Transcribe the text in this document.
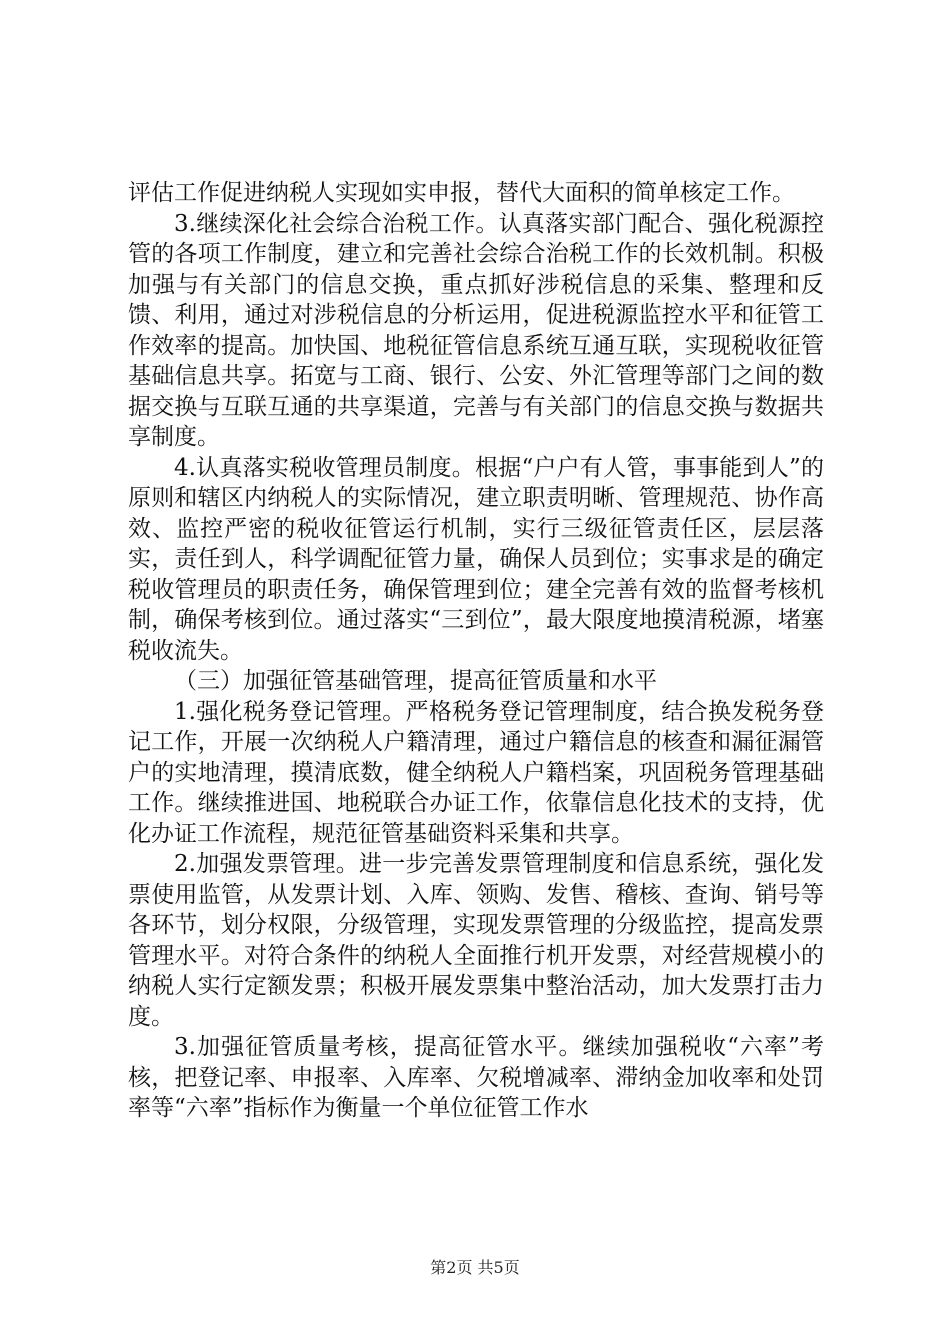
评估工作促进纳税人实现如实申报，替代大面积的简单核定工作。

3.继续深化社会综合治税工作。认真落实部门配合、强化税源控管的各项工作制度，建立和完善社会综合治税工作的长效机制。积极加强与有关部门的信息交换，重点抓好涉税信息的采集、整理和反馈、利用，通过对涉税信息的分析运用，促进税源监控水平和征管工作效率的提高。加快国、地税征管信息系统互通互联，实现税收征管基础信息共享。拓宽与工商、银行、公安、外汇管理等部门之间的数据交换与互联互通的共享渠道，完善与有关部门的信息交换与数据共享制度。

4.认真落实税收管理员制度。根据“户户有人管，事事能到人”的原则和辖区内纳税人的实际情况，建立职责明晰、管理规范、协作高效、监控严密的税收征管运行机制，实行三级征管责任区，层层落实，责任到人，科学调配征管力量，确保人员到位；实事求是的确定税收管理员的职责任务，确保管理到位；建全完善有效的监督考核机制，确保考核到位。通过落实“三到位”，最大限度地摸清税源，堵塞税收流失。

（三）加强征管基础管理，提高征管质量和水平

1.强化税务登记管理。严格税务登记管理制度，结合换发税务登记工作，开展一次纳税人户籍清理，通过户籍信息的核查和漏征漏管户的实地清理，摸清底数，健全纳税人户籍档案，巩固税务管理基础工作。继续推进国、地税联合办证工作，依靠信息化技术的支持，优化办证工作流程，规范征管基础资料采集和共享。

2.加强发票管理。进一步完善发票管理制度和信息系统，强化发票使用监管，从发票计划、入库、领购、发售、稽核、查询、销号等各环节，划分权限，分级管理，实现发票管理的分级监控，提高发票管理水平。对符合条件的纳税人全面推行机开发票，对经营规模小的纳税人实行定额发票；积极开展发票集中整治活动，加大发票打击力度。

3.加强征管质量考核，提高征管水平。继续加强税收“六率”考核，把登记率、申报率、入库率、欠税增减率、滞纳金加收率和处罚率等“六率”指标作为衡量一个单位征管工作水

第2页 共5页
